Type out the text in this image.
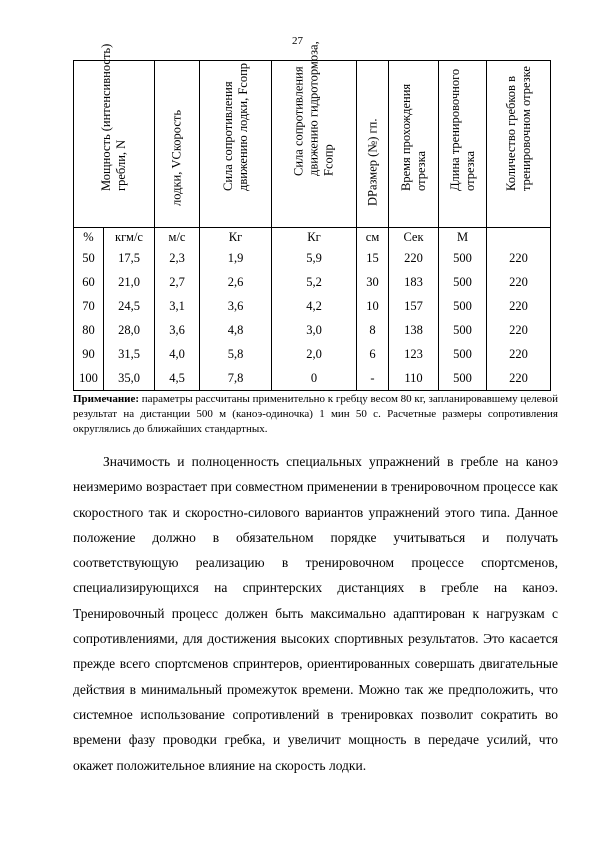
27
Мощность (интенсивность) гребли, N		лодки, VСкорость	Сила сопротивления движению лодки, Fсопр	Сила сопротивления движению гидротормоза, Fсопр	DРазмер (№) гп.	Время прохождения отрезка	Длина тренировочного отрезка	Количество гребков в тренировочном отрезке

%	кгм/с	м/с	Кг	Кг	см	Сек	М	
50	17,5	2,3	1,9	5,9	15	220	500	220
60	21,0	2,7	2,6	5,2	30	183	500	220
70	24,5	3,1	3,6	4,2	10	157	500	220
80	28,0	3,6	4,8	3,0	8	138	500	220
90	31,5	4,0	5,8	2,0	6	123	500	220
100	35,0	4,5	7,8	0	-	110	500	220
Примечание: параметры рассчитаны применительно к гребцу весом 80 кг, запланировавшему целевой результат на дистанции 500 м (каноэ-одиночка) 1 мин 50 с. Расчетные размеры сопротивления округлялись до ближайших стандартных.

Значимость и полноценность специальных упражнений в гребле на каноэ неизмеримо возрастает при совместном применении в тренировочном процессе как скоростного так и скоростно-силового вариантов упражнений этого типа. Данное положение должно в обязательном порядке учитываться и получать соответствующую реализацию в тренировочном процессе спортсменов, специализирующихся на спринтерских дистанциях в гребле на каноэ. Тренировочный процесс должен быть максимально адаптирован к нагрузкам с сопротивлениями, для достижения высоких спортивных результатов. Это касается прежде всего спортсменов спринтеров, ориентированных совершать двигательные действия в минимальный промежуток времени. Можно так же предположить, что системное использование сопротивлений в тренировках позволит сократить во времени фазу проводки гребка, и увеличит мощность в передаче усилий, что окажет положительное влияние на скорость лодки.
